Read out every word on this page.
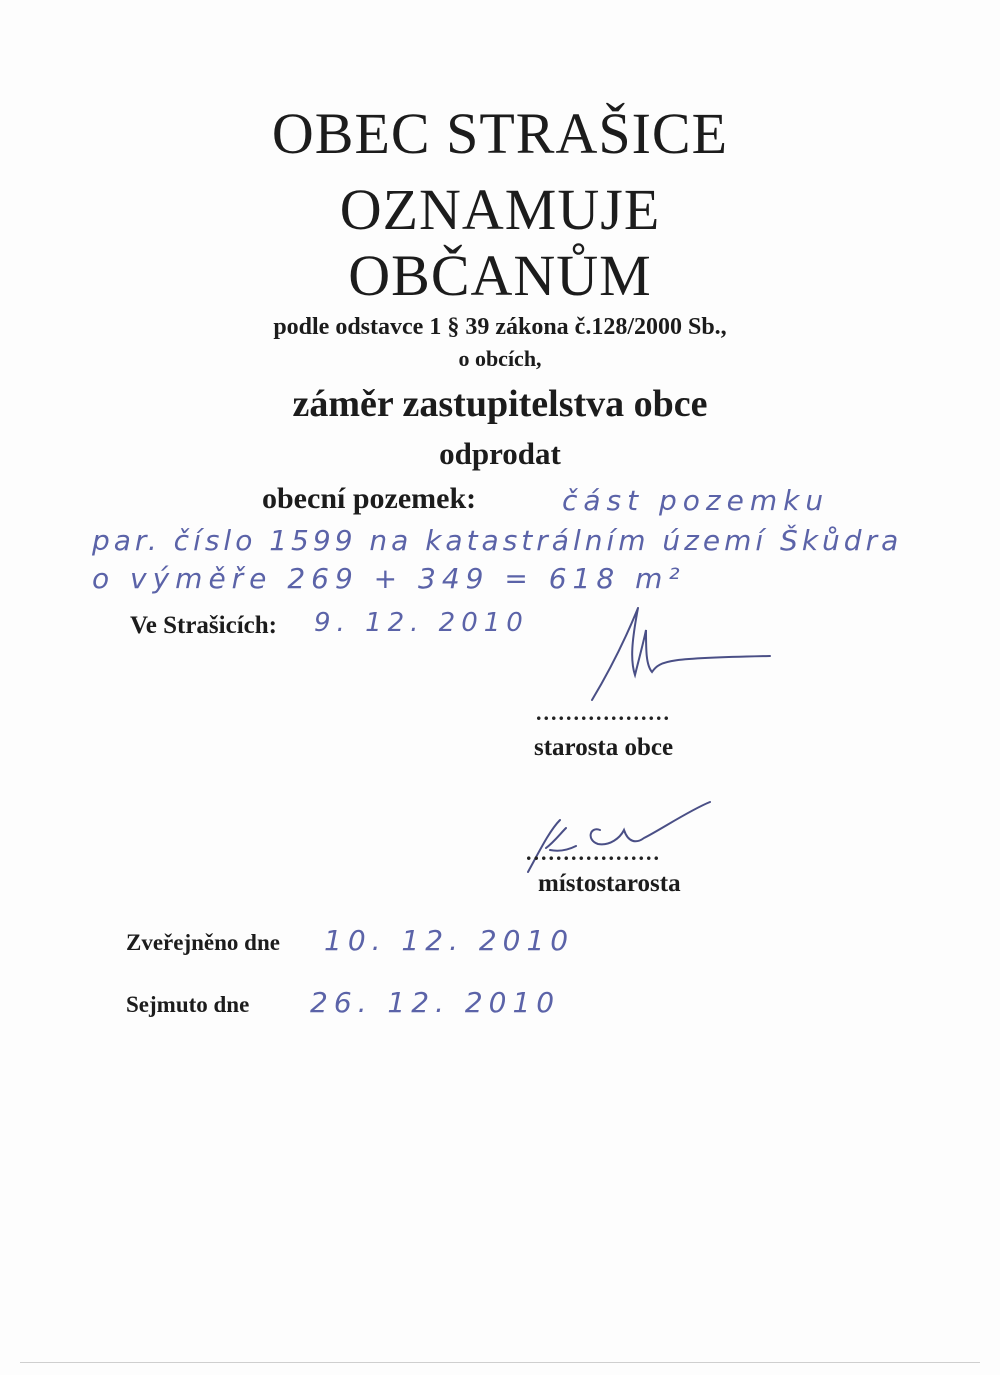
OBEC STRAŠICE
OZNAMUJE
OBČANŮM
podle odstavce 1 § 39 zákona č.128/2000 Sb.,
o obcích,
záměr zastupitelstva obce
odprodat
obecní pozemek:	část pozemku
par. číslo 1599 na katastrálním území Škůdra
o výměře 269 + 349 = 618 m²
Ve Strašicích: 9. 12. 2010
..................
starosta obce
..................
místostarosta
Zveřejněno dne 10. 12. 2010
Sejmuto dne 26. 12. 2010
